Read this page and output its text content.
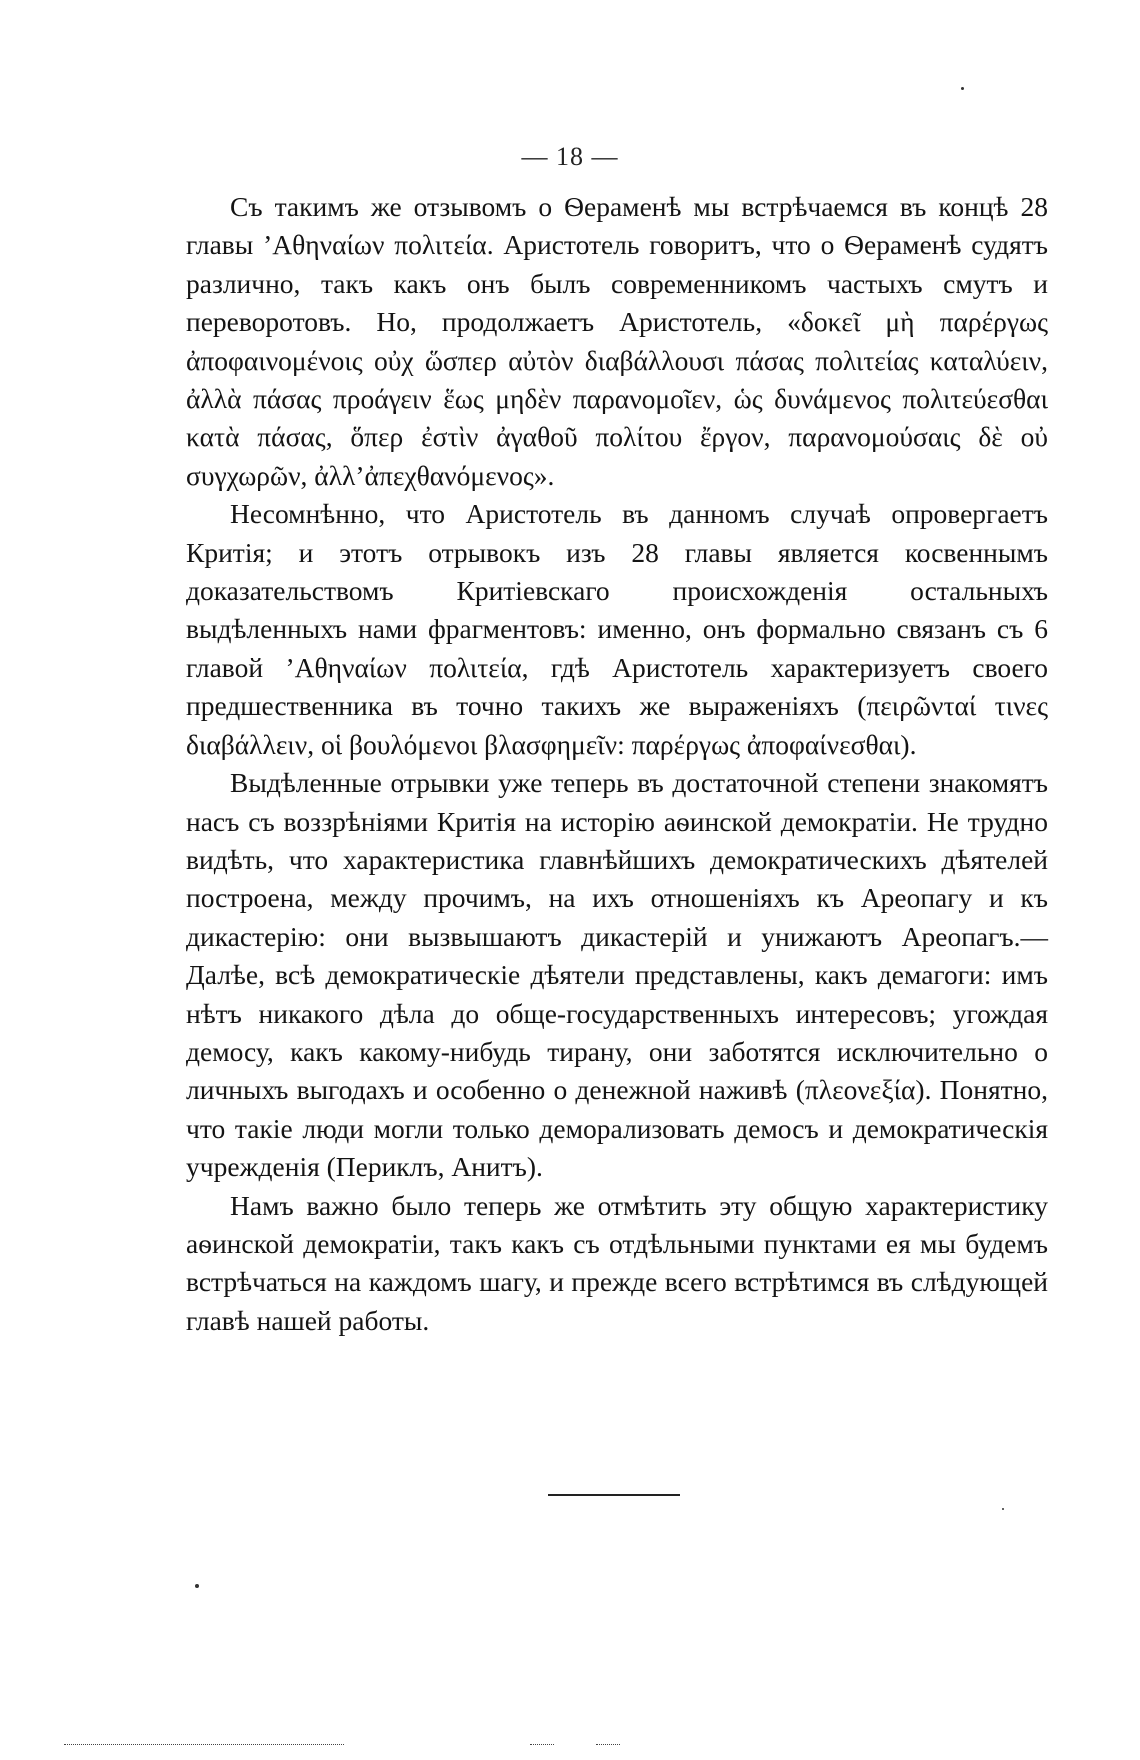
— 18 —

Съ такимъ же отзывомъ о Ѳераменѣ мы встрѣчаемся въ концѣ 28 главы ’Αθηναίων πολιτεία. Аристотель говоритъ, что о Ѳераменѣ судятъ различно, такъ какъ онъ былъ современникомъ частыхъ смутъ и переворотовъ. Но, продолжаетъ Аристотель, «δοκεῖ μὴ παρέργως ἀποφαινομένοις οὐχ ὥσπερ αὐτὸν διαβάλλουσι πάσας πολιτείας καταλύειν, ἀλλὰ πάσας προάγειν ἕως μηδὲν παρανομοῖεν, ὡς δυνάμενος πολιτεύεσθαι κατὰ πάσας, ὅπερ ἐστὶν ἀγαθοῦ πολίτου ἔργον, παρανομούσαις δὲ οὐ συγχωρῶν, ἀλλ’ἀπεχθανόμενος».

Несомнѣнно, что Аристотель въ данномъ случаѣ опровергаетъ Критія; и этотъ отрывокъ изъ 28 главы является косвеннымъ доказательствомъ Критіевскаго происхожденія остальныхъ выдѣленныхъ нами фрагментовъ: именно, онъ формально связанъ съ 6 главой ’Αθηναίων πολιτεία, гдѣ Аристотель характеризуетъ своего предшественника въ точно такихъ же выраженіяхъ (πειρῶνταί τινες διαβάλλειν, οἱ βουλόμενοι βλασφημεῖν: παρέργως ἀποφαίνεσθαι).

Выдѣленные отрывки уже теперь въ достаточной степени знакомятъ насъ съ воззрѣніями Критія на исторію аѳинской демократіи. Не трудно видѣть, что характеристика главнѣйшихъ демократическихъ дѣятелей построена, между прочимъ, на ихъ отношеніяхъ къ Ареопагу и къ дикастерію: они вызвышаютъ дикастерій и унижаютъ Ареопагъ.—Далѣе, всѣ демократическіе дѣятели представлены, какъ демагоги: имъ нѣтъ никакого дѣла до обще-государственныхъ интересовъ; угождая демосу, какъ какому-нибудь тирану, они заботятся исключительно о личныхъ выгодахъ и особенно о денежной наживѣ (πλεονεξία). Понятно, что такіе люди могли только деморализовать демосъ и демократическія учрежденія (Периклъ, Анитъ).

Намъ важно было теперь же отмѣтить эту общую характеристику аѳинской демократіи, такъ какъ съ отдѣльными пунктами ея мы будемъ встрѣчаться на каждомъ шагу, и прежде всего встрѣтимся въ слѣдующей главѣ нашей работы.
